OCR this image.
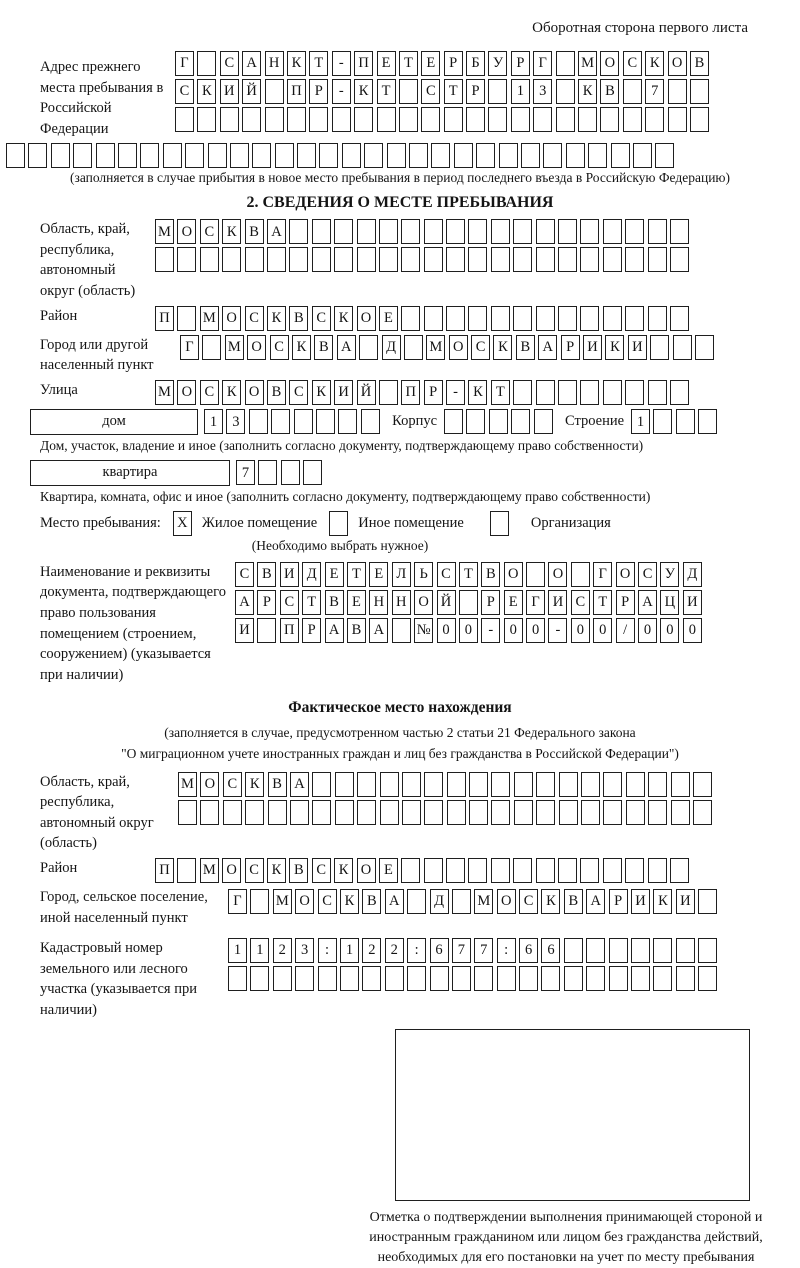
Оборотная сторона первого листа
Адрес прежнего места пребывания в Российской Федерации
Г	С А Н К Т	-	П Е Т Е Р Б У Р Г	М О С К О В
С К И Й П Р	-	К Т	С Т Р	1	3	К В	7
(заполняется в случае прибытия в новое место пребывания в период последнего въезда в Российскую Федерацию)
2. СВЕДЕНИЯ О МЕСТЕ ПРЕБЫВАНИЯ
Область, край, республика, автономный округ (область)
М О С К В А
Район	П М О С К В С К О Е
Город или другой населенный пункт
Г	М О С К В А	Д	М О С К В А Р И К И
Улица	М О С К О В С К И Й П Р	-	К Т
дом	1	3	Корпус	Строение 1
Дом, участок, владение и иное (заполнить согласно документу, подтверждающему право собственности)
квартира	7
Квартира, комната, офис и иное (заполнить согласно документу, подтверждающему право собственности)
Место пребывания: X Жилое помещение	Иное помещение	Организация
(Необходимо выбрать нужное)
Наименование и реквизиты документа, подтверждающего право пользования помещением (строением, сооружением) (указывается при наличии)
С В И Д Е Т Е Л Ь С Т В О О	Г О С У Д
А Р С Т В Е Н Н О Й	Р Е Г И С Т Р А Ц И
И П Р А В А № 0	0	-	0	0	-	0	0	/	0	0	0
Фактическое место нахождения
(заполняется в случае, предусмотренном частью 2 статьи 21 Федерального закона
"О миграционном учете иностранных граждан и лиц без гражданства в Российской Федерации")
Область, край, республика, автономный округ (область)
М О С К В А
Район	П М О С К В С К О Е
Город, сельское поселение, иной населенный пункт
Г	М О С К В А	Д	М О С К В А Р И К И
Кадастровый номер земельного или лесного участка (указывается при наличии)
1	1	2	3	:	1	2	2	:	6	7	7	:	6	6
Отметка о подтверждении выполнения принимающей стороной и иностранным гражданином или лицом без гражданства действий, необходимых для его постановки на учет по месту пребывания
